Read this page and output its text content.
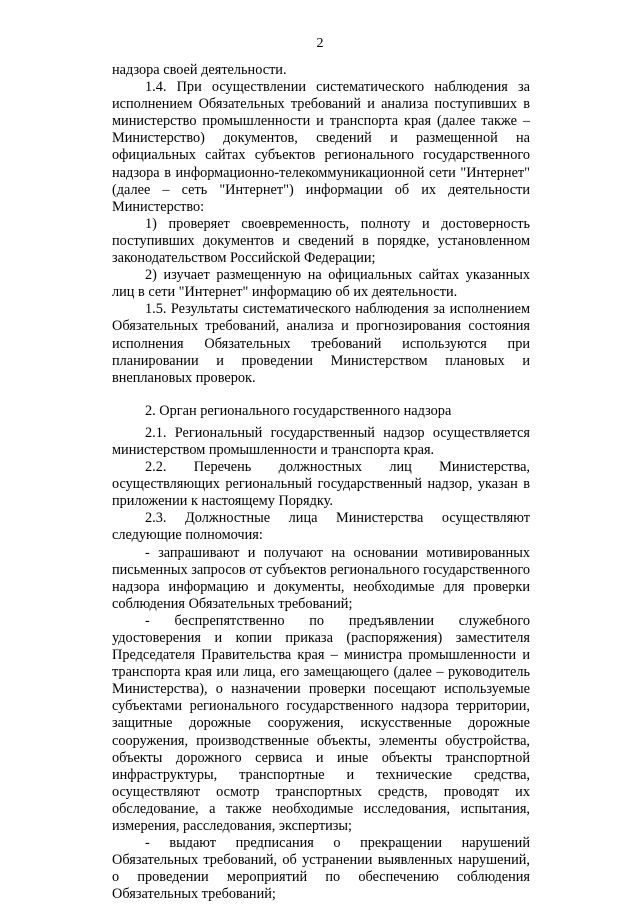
2

надзора своей деятельности.

1.4. При осуществлении систематического наблюдения за исполнением Обязательных требований и анализа поступивших в министерство промышленности и транспорта края (далее также – Министерство) документов, сведений и размещенной на официальных сайтах субъектов регионального государственного надзора в информационно-телекоммуникационной сети "Интернет" (далее – сеть "Интернет") информации об их деятельности Министерство:

1) проверяет своевременность, полноту и достоверность поступивших документов и сведений в порядке, установленном законодательством Российской Федерации;

2) изучает размещенную на официальных сайтах указанных лиц в сети "Интернет" информацию об их деятельности.

1.5. Результаты систематического наблюдения за исполнением Обязательных требований, анализа и прогнозирования состояния исполнения Обязательных требований используются при планировании и проведении Министерством плановых и внеплановых проверок.

2. Орган регионального государственного надзора

2.1. Региональный государственный надзор осуществляется министерством промышленности и транспорта края.

2.2. Перечень должностных лиц Министерства, осуществляющих региональный государственный надзор, указан в приложении к настоящему Порядку.

2.3. Должностные лица Министерства осуществляют следующие полномочия:

- запрашивают и получают на основании мотивированных письменных запросов от субъектов регионального государственного надзора информацию и документы, необходимые для проверки соблюдения Обязательных требований;

- беспрепятственно по предъявлении служебного удостоверения и копии приказа (распоряжения) заместителя Председателя Правительства края – министра промышленности и транспорта края или лица, его замещающего (далее – руководитель Министерства), о назначении проверки посещают используемые субъектами регионального государственного надзора территории, защитные дорожные сооружения, искусственные дорожные сооружения, производственные объекты, элементы обустройства, объекты дорожного сервиса и иные объекты транспортной инфраструктуры, транспортные и технические средства, осуществляют осмотр транспортных средств, проводят их обследование, а также необходимые исследования, испытания, измерения, расследования, экспертизы;

- выдают предписания о прекращении нарушений Обязательных требований, об устранении выявленных нарушений, о проведении мероприятий по обеспечению соблюдения Обязательных требований;
